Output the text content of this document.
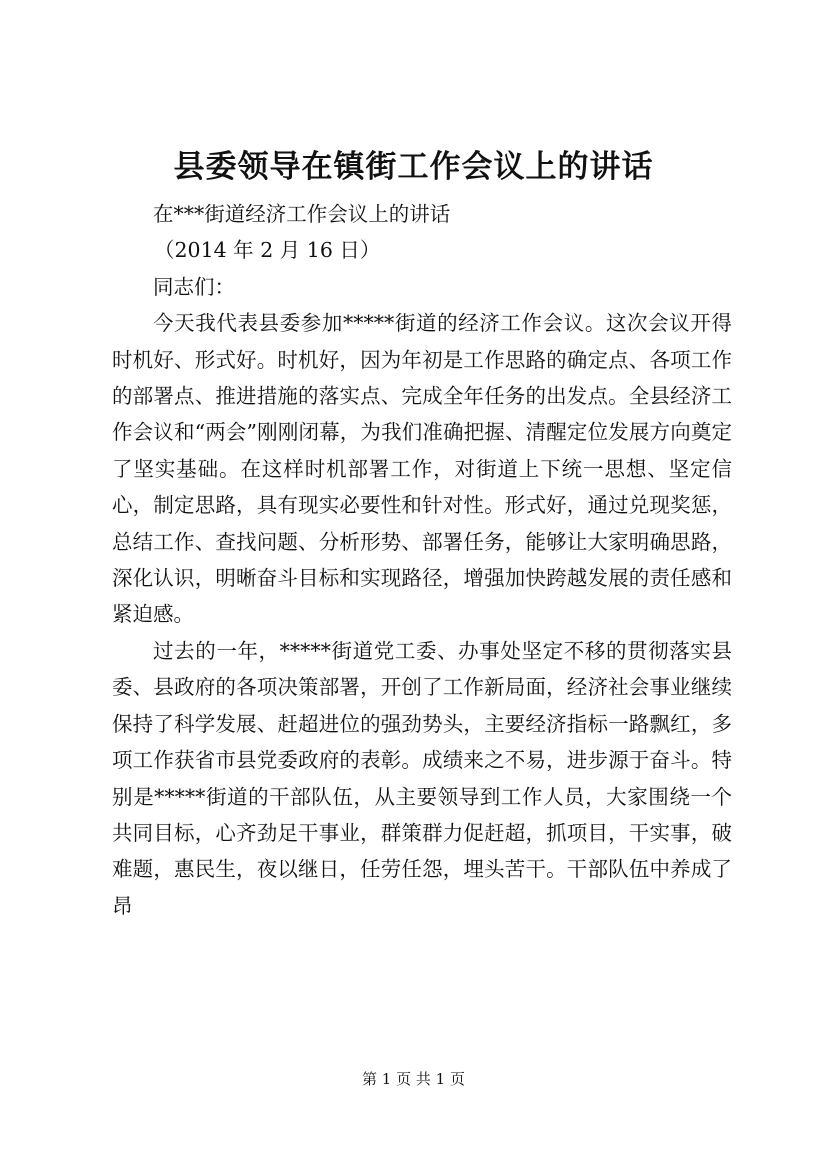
县委领导在镇街工作会议上的讲话

在***街道经济工作会议上的讲话

（2014 年 2 月 16 日）

同志们：

今天我代表县委参加*****街道的经济工作会议。这次会议开得时机好、形式好。时机好，因为年初是工作思路的确定点、各项工作的部署点、推进措施的落实点、完成全年任务的出发点。全县经济工作会议和“两会”刚刚闭幕，为我们准确把握、清醒定位发展方向奠定了坚实基础。在这样时机部署工作，对街道上下统一思想、坚定信心，制定思路，具有现实必要性和针对性。形式好，通过兑现奖惩，总结工作、查找问题、分析形势、部署任务，能够让大家明确思路，深化认识，明晰奋斗目标和实现路径，增强加快跨越发展的责任感和紧迫感。

过去的一年，*****街道党工委、办事处坚定不移的贯彻落实县委、县政府的各项决策部署，开创了工作新局面，经济社会事业继续保持了科学发展、赶超进位的强劲势头，主要经济指标一路飘红，多项工作获省市县党委政府的表彰。成绩来之不易，进步源于奋斗。特别是*****街道的干部队伍，从主要领导到工作人员，大家围绕一个共同目标，心齐劲足干事业，群策群力促赶超，抓项目，干实事，破难题，惠民生，夜以继日，任劳任怨，埋头苦干。干部队伍中养成了昂

第 1 页 共 1 页
